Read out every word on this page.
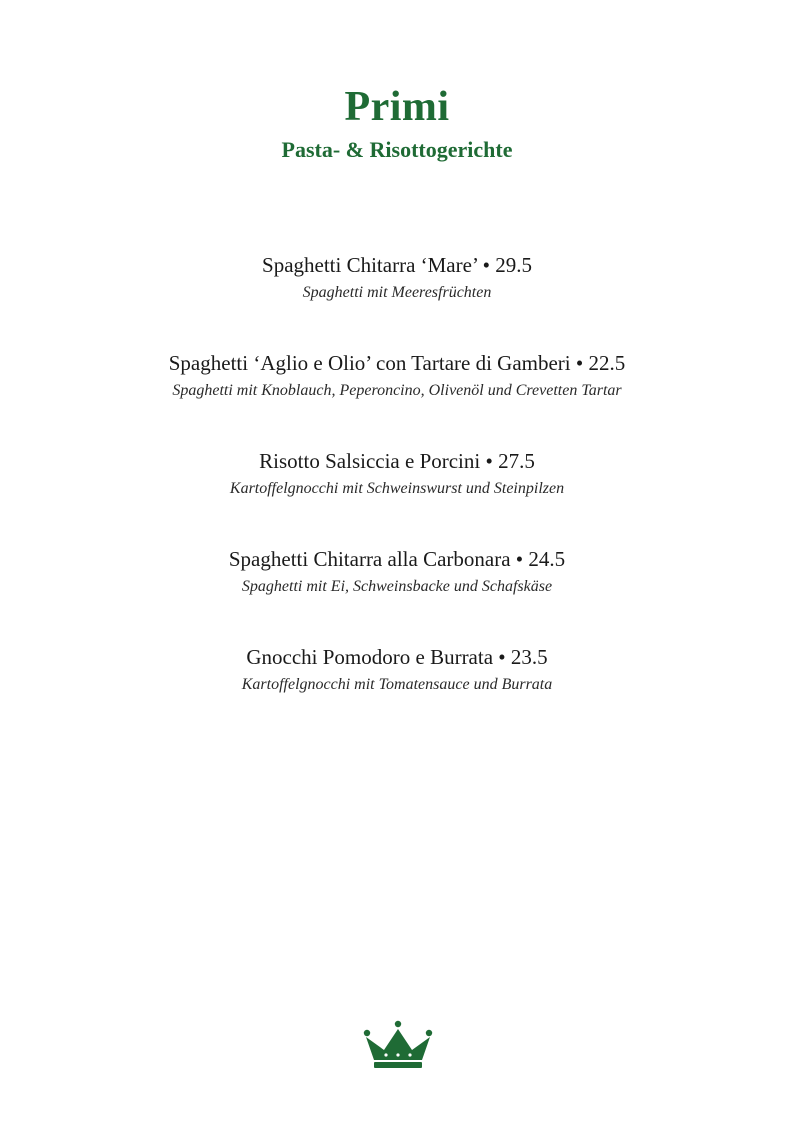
Primi
Pasta- & Risottogerichte
Spaghetti Chitarra ‘Mare’ • 29.5
Spaghetti mit Meeresfrüchten
Spaghetti ‘Aglio e Olio’ con Tartare di Gamberi • 22.5
Spaghetti mit Knoblauch, Peperoncino, Olivenöl und Crevetten Tartar
Risotto Salsiccia e Porcini • 27.5
Kartoffelgnocchi mit Schweinswurst und Steinpilzen
Spaghetti Chitarra alla Carbonara • 24.5
Spaghetti mit Ei, Schweinsbacke und Schafskäse
Gnocchi Pomodoro e Burrata • 23.5
Kartoffelgnocchi mit Tomatensauce und Burrata
